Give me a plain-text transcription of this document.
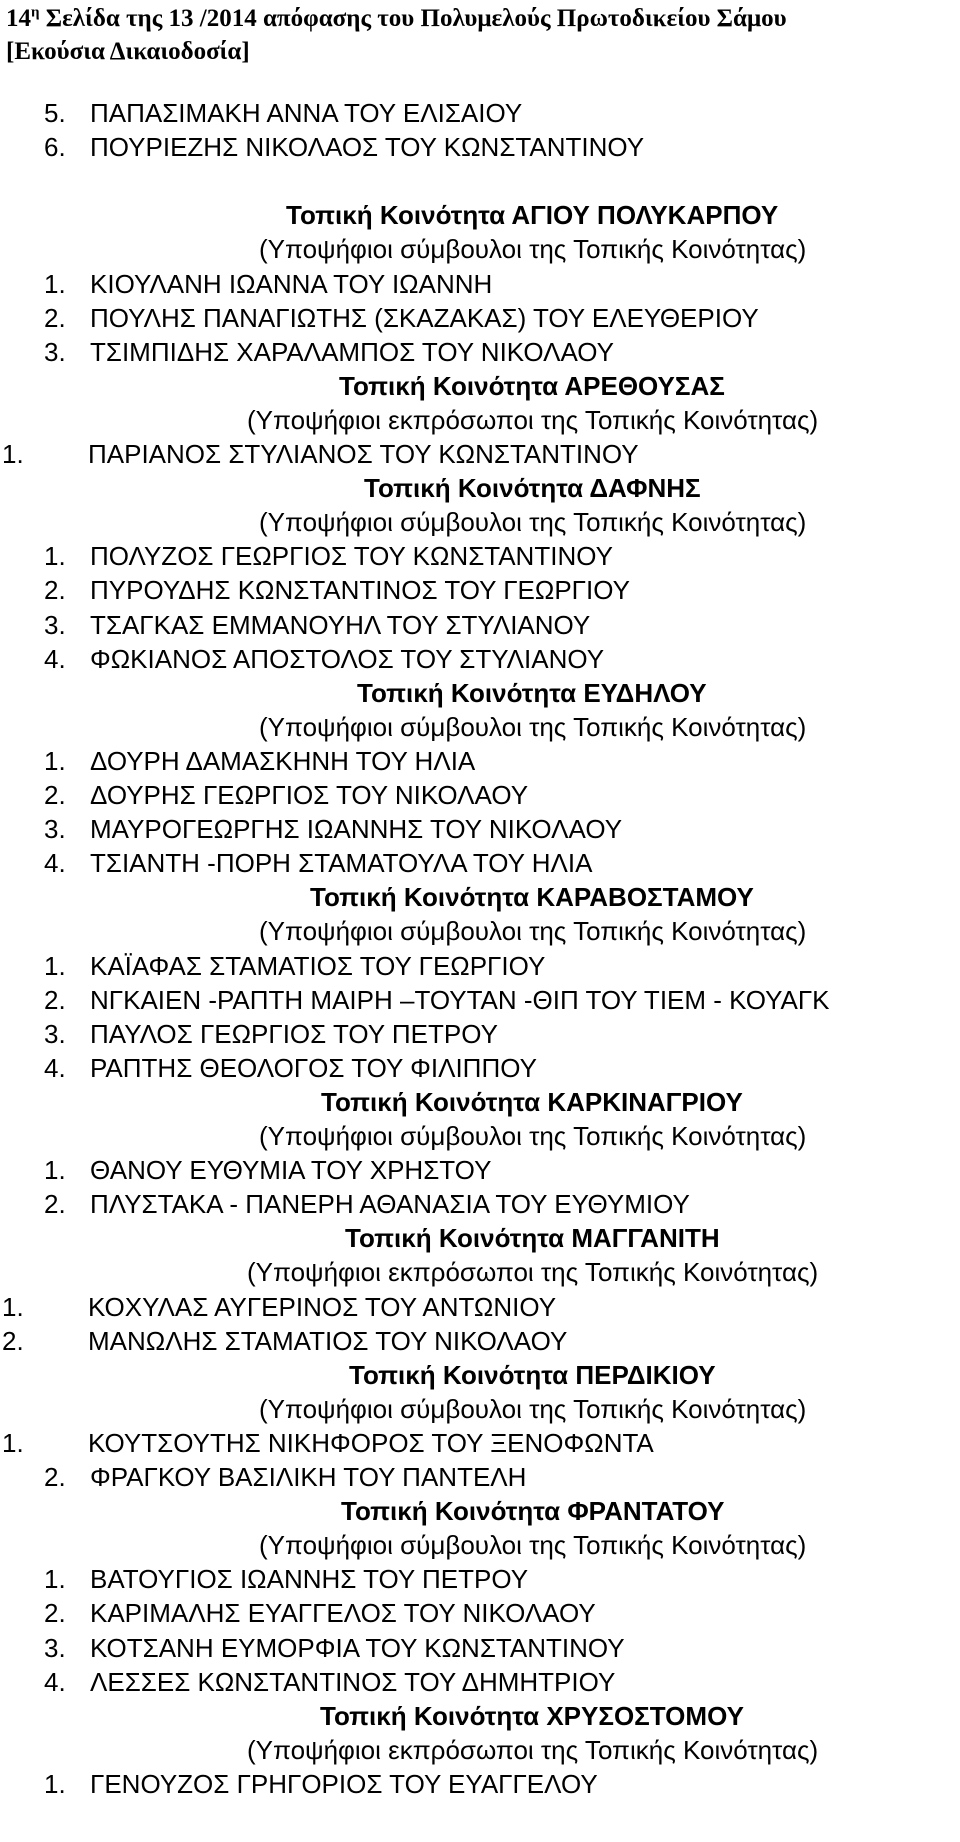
$14^\eta$ Σελίδα της 13 /2014 απόφασης του Πολυμελούς Πρωτοδικείου Σάμου
[Εκούσια Δικαιοδοσία]
5. ΠΑΠΑΣΙΜΑΚΗ ΑΝΝΑ ΤΟΥ ΕΛΙΣΑΙΟΥ
6. ΠΟΥΡΙΕΖΗΣ ΝΙΚΟΛΑΟΣ ΤΟΥ ΚΩΝΣΤΑΝΤΙΝΟΥ
Τοπική Κοινότητα ΑΓΙΟΥ ΠΟΛΥΚΑΡΠΟΥ
(Υποψήφιοι σύμβουλοι της Τοπικής Κοινότητας)
1. ΚΙΟΥΛΑΝΗ ΙΩΑΝΝΑ ΤΟΥ ΙΩΑΝΝΗ
2. ΠΟΥΛΗΣ ΠΑΝΑΓΙΩΤΗΣ (ΣΚΑΖΑΚΑΣ) ΤΟΥ ΕΛΕΥΘΕΡΙΟΥ
3. ΤΣΙΜΠΙΔΗΣ ΧΑΡΑΛΑΜΠΟΣ ΤΟΥ ΝΙΚΟΛΑΟΥ
Τοπική Κοινότητα ΑΡΕΘΟΥΣΑΣ
(Υποψήφιοι εκπρόσωποι της Τοπικής Κοινότητας)
1. ΠΑΡΙΑΝΟΣ ΣΤΥΛΙΑΝΟΣ ΤΟΥ ΚΩΝΣΤΑΝΤΙΝΟΥ
Τοπική Κοινότητα ΔΑΦΝΗΣ
(Υποψήφιοι σύμβουλοι της Τοπικής Κοινότητας)
1. ΠΟΛΥΖΟΣ ΓΕΩΡΓΙΟΣ ΤΟΥ ΚΩΝΣΤΑΝΤΙΝΟΥ
2. ΠΥΡΟΥΔΗΣ ΚΩΝΣΤΑΝΤΙΝΟΣ ΤΟΥ ΓΕΩΡΓΙΟΥ
3. ΤΣΑΓΚΑΣ ΕΜΜΑΝΟΥΗΛ ΤΟΥ ΣΤΥΛΙΑΝΟΥ
4. ΦΩΚΙΑΝΟΣ ΑΠΟΣΤΟΛΟΣ ΤΟΥ ΣΤΥΛΙΑΝΟΥ
Τοπική Κοινότητα ΕΥΔΗΛΟΥ
(Υποψήφιοι σύμβουλοι της Τοπικής Κοινότητας)
1. ΔΟΥΡΗ ΔΑΜΑΣΚΗΝΗ ΤΟΥ ΗΛΙΑ
2. ΔΟΥΡΗΣ ΓΕΩΡΓΙΟΣ ΤΟΥ ΝΙΚΟΛΑΟΥ
3. ΜΑΥΡΟΓΕΩΡΓΗΣ ΙΩΑΝΝΗΣ ΤΟΥ ΝΙΚΟΛΑΟΥ
4. ΤΣΙΑΝΤΗ -ΠΟΡΗ ΣΤΑΜΑΤΟΥΛΑ ΤΟΥ ΗΛΙΑ
Τοπική Κοινότητα ΚΑΡΑΒΟΣΤΑΜΟΥ
(Υποψήφιοι σύμβουλοι της Τοπικής Κοινότητας)
1. ΚΑΪΑΦΑΣ ΣΤΑΜΑΤΙΟΣ ΤΟΥ ΓΕΩΡΓΙΟΥ
2. ΝΓΚΑΙΕΝ -ΡΑΠΤΗ ΜΑΙΡΗ –ΤΟΥΤΑΝ -ΘΙΠ ΤΟΥ ΤΙΕΜ - ΚΟΥΑΓΚ
3. ΠΑΥΛΟΣ ΓΕΩΡΓΙΟΣ ΤΟΥ ΠΕΤΡΟΥ
4. ΡΑΠΤΗΣ ΘΕΟΛΟΓΟΣ ΤΟΥ ΦΙΛΙΠΠΟΥ
Τοπική Κοινότητα ΚΑΡΚΙΝΑΓΡΙΟΥ
(Υποψήφιοι σύμβουλοι της Τοπικής Κοινότητας)
1. ΘΑΝΟΥ ΕΥΘΥΜΙΑ ΤΟΥ ΧΡΗΣΤΟΥ
2. ΠΛΥΣΤΑΚΑ - ΠΑΝΕΡΗ ΑΘΑΝΑΣΙΑ ΤΟΥ ΕΥΘΥΜΙΟΥ
Τοπική Κοινότητα ΜΑΓΓΑΝΙΤΗ
(Υποψήφιοι εκπρόσωποι της Τοπικής Κοινότητας)
1. ΚΟΧΥΛΑΣ ΑΥΓΕΡΙΝΟΣ ΤΟΥ ΑΝΤΩΝΙΟΥ
2. ΜΑΝΩΛΗΣ ΣΤΑΜΑΤΙΟΣ ΤΟΥ ΝΙΚΟΛΑΟΥ
Τοπική Κοινότητα ΠΕΡΔΙΚΙΟΥ
(Υποψήφιοι σύμβουλοι της Τοπικής Κοινότητας)
1. ΚΟΥΤΣΟΥΤΗΣ ΝΙΚΗΦΟΡΟΣ ΤΟΥ ΞΕΝΟΦΩΝΤΑ
2. ΦΡΑΓΚΟΥ ΒΑΣΙΛΙΚΗ ΤΟΥ ΠΑΝΤΕΛΗ
Τοπική Κοινότητα ΦΡΑΝΤΑΤΟΥ
(Υποψήφιοι σύμβουλοι της Τοπικής Κοινότητας)
1. ΒΑΤΟΥΓΙΟΣ ΙΩΑΝΝΗΣ ΤΟΥ ΠΕΤΡΟΥ
2. ΚΑΡΙΜΑΛΗΣ ΕΥΑΓΓΕΛΟΣ ΤΟΥ ΝΙΚΟΛΑΟΥ
3. ΚΟΤΣΑΝΗ ΕΥΜΟΡΦΙΑ ΤΟΥ ΚΩΝΣΤΑΝΤΙΝΟΥ
4. ΛΕΣΣΕΣ ΚΩΝΣΤΑΝΤΙΝΟΣ ΤΟΥ ΔΗΜΗΤΡΙΟΥ
Τοπική Κοινότητα ΧΡΥΣΟΣΤΟΜΟΥ
(Υποψήφιοι εκπρόσωποι της Τοπικής Κοινότητας)
1. ΓΕΝΟΥΖΟΣ ΓΡΗΓΟΡΙΟΣ ΤΟΥ ΕΥΑΓΓΕΛΟΥ
